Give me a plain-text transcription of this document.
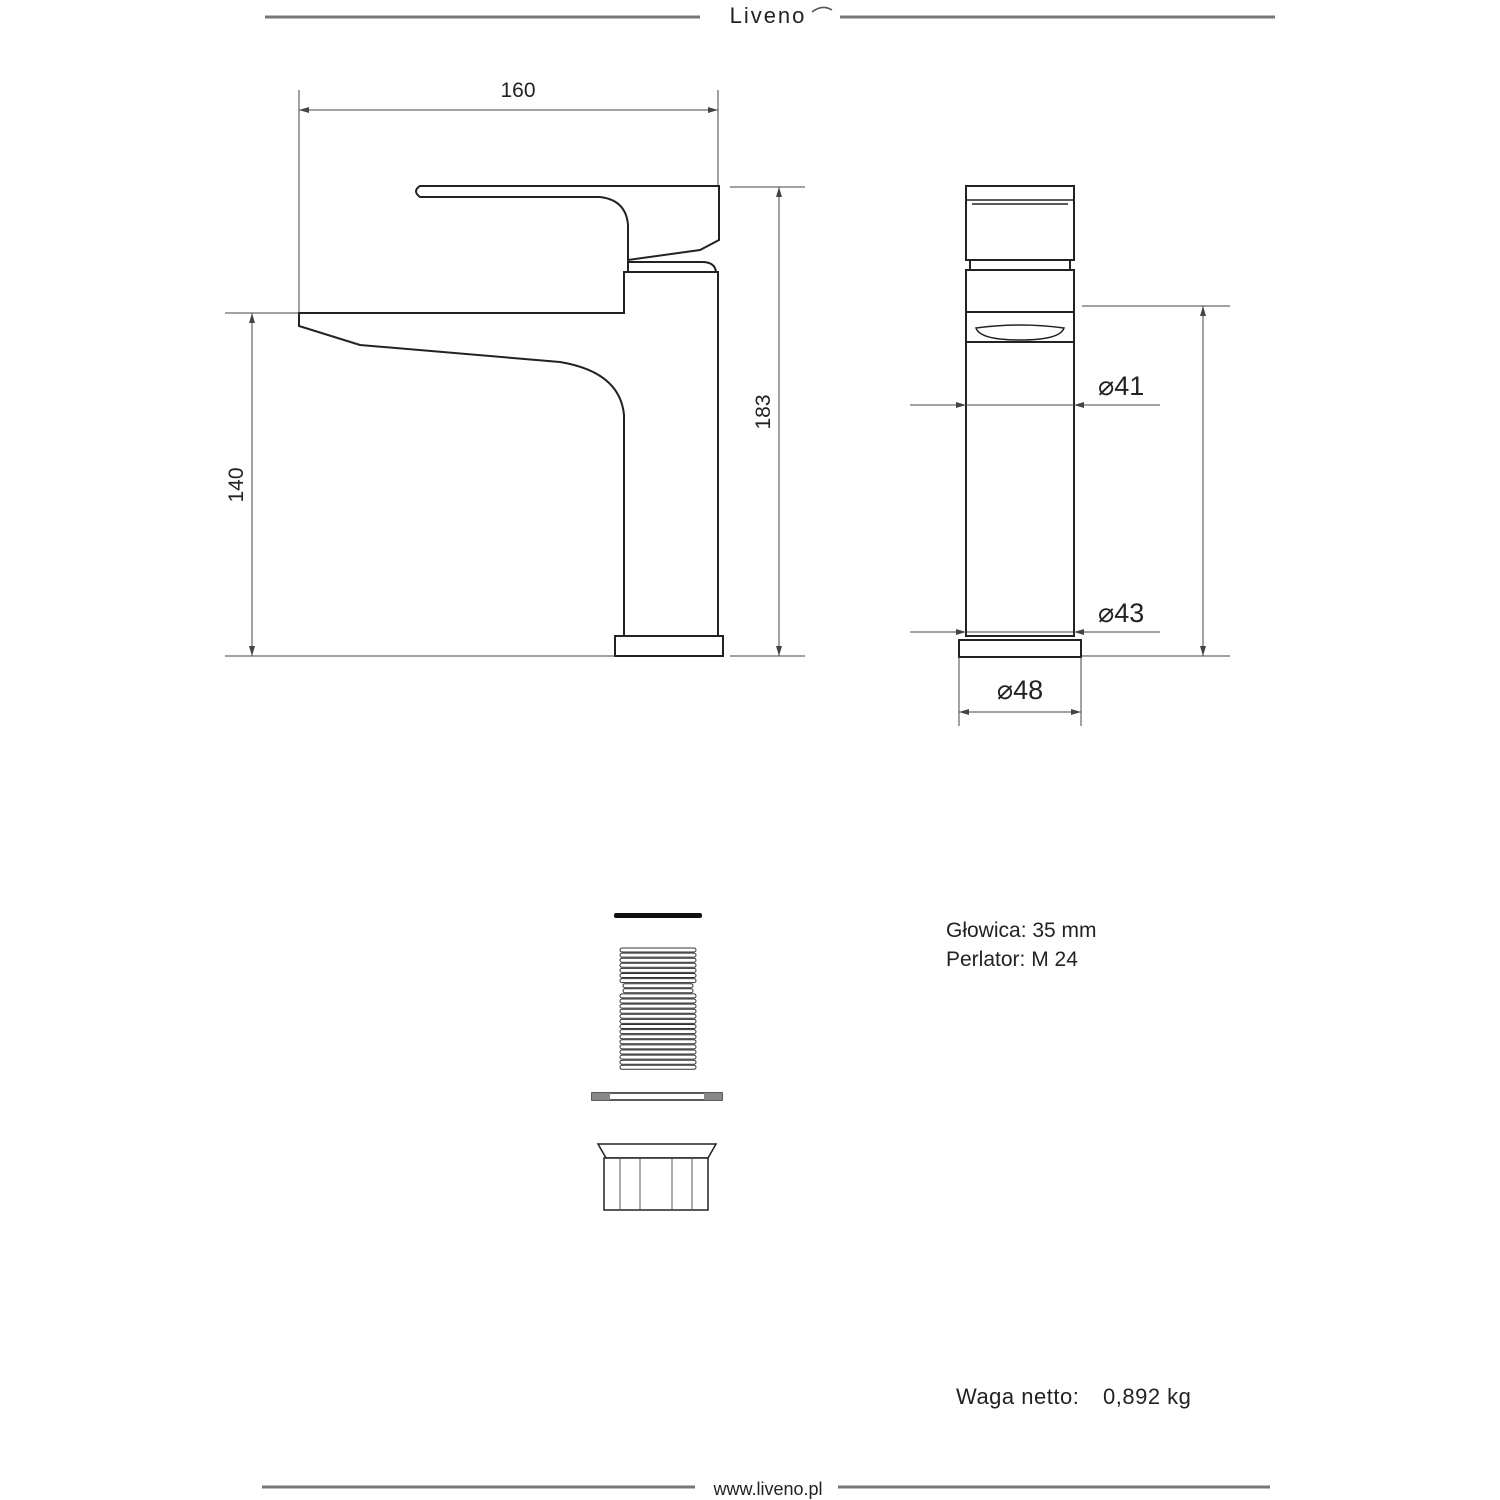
Liveno
160
183
140
⌀41
⌀43
⌀48
Głowica: 35 mm
Perlator: M 24
Waga netto: 0,892 kg
www.liveno.pl
